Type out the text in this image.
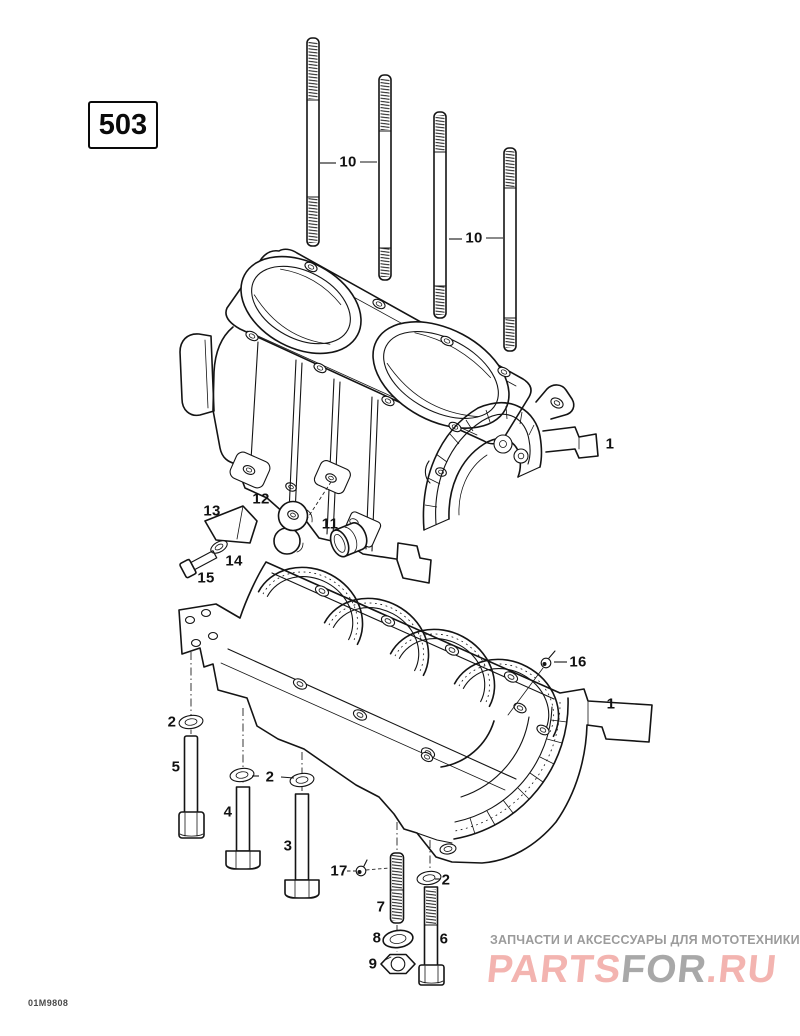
503
10
10
1
1
13
12
11
14
15
16
2
5
2
4
3
17
2
7
8	6
9
01M9808
ЗАПЧАСТИ И АКСЕССУАРЫ ДЛЯ МОТОТЕХНИКИ
PARTSFOR.RU
